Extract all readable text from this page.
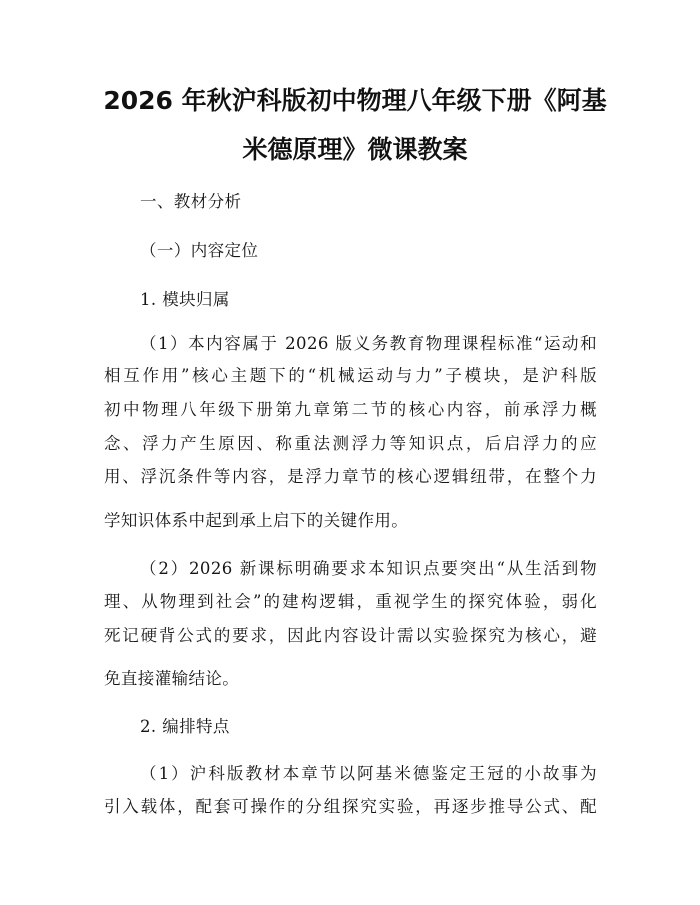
2026 年秋沪科版初中物理八年级下册《阿基
米德原理》微课教案
一、教材分析
（一）内容定位
1. 模块归属
（1）本内容属于 2026 版义务教育物理课程标准“运动和
相互作用”核心主题下的“机械运动与力”子模块，是沪科版
初中物理八年级下册第九章第二节的核心内容，前承浮力概
念、浮力产生原因、称重法测浮力等知识点，后启浮力的应
用、浮沉条件等内容，是浮力章节的核心逻辑纽带，在整个力
学知识体系中起到承上启下的关键作用。
（2）2026 新课标明确要求本知识点要突出“从生活到物
理、从物理到社会”的建构逻辑，重视学生的探究体验，弱化
死记硬背公式的要求，因此内容设计需以实验探究为核心，避
免直接灌输结论。
2. 编排特点
（1）沪科版教材本章节以阿基米德鉴定王冠的小故事为
引入载体，配套可操作的分组探究实验，再逐步推导公式、配
